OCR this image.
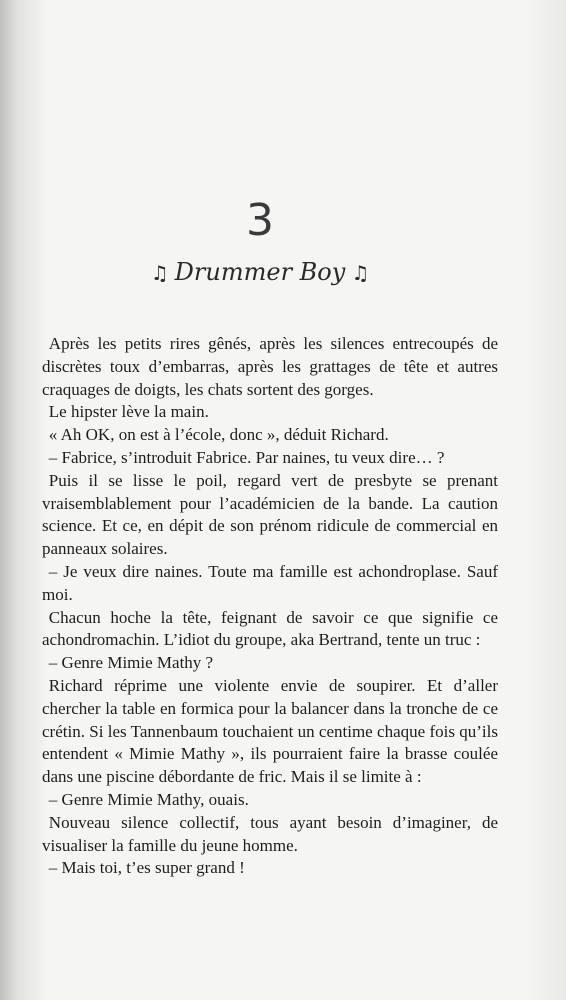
3
♫ Drummer Boy ♫

Après les petits rires gênés, après les silences entrecoupés de discrètes toux d’embarras, après les grattages de tête et autres craquages de doigts, les chats sortent des gorges.

Le hipster lève la main.

« Ah OK, on est à l’école, donc », déduit Richard.

– Fabrice, s’introduit Fabrice. Par naines, tu veux dire… ?

Puis il se lisse le poil, regard vert de presbyte se prenant vraisemblablement pour l’académicien de la bande. La caution science. Et ce, en dépit de son prénom ridicule de commercial en panneaux solaires.

– Je veux dire naines. Toute ma famille est achondroplase. Sauf moi.

Chacun hoche la tête, feignant de savoir ce que signifie ce achondromachin. L’idiot du groupe, aka Bertrand, tente un truc :

– Genre Mimie Mathy ?

Richard réprime une violente envie de soupirer. Et d’aller chercher la table en formica pour la balancer dans la tronche de ce crétin. Si les Tannenbaum touchaient un centime chaque fois qu’ils entendent « Mimie Mathy », ils pourraient faire la brasse coulée dans une piscine débordante de fric. Mais il se limite à :

– Genre Mimie Mathy, ouais.

Nouveau silence collectif, tous ayant besoin d’imaginer, de visualiser la famille du jeune homme.

– Mais toi, t’es super grand !
